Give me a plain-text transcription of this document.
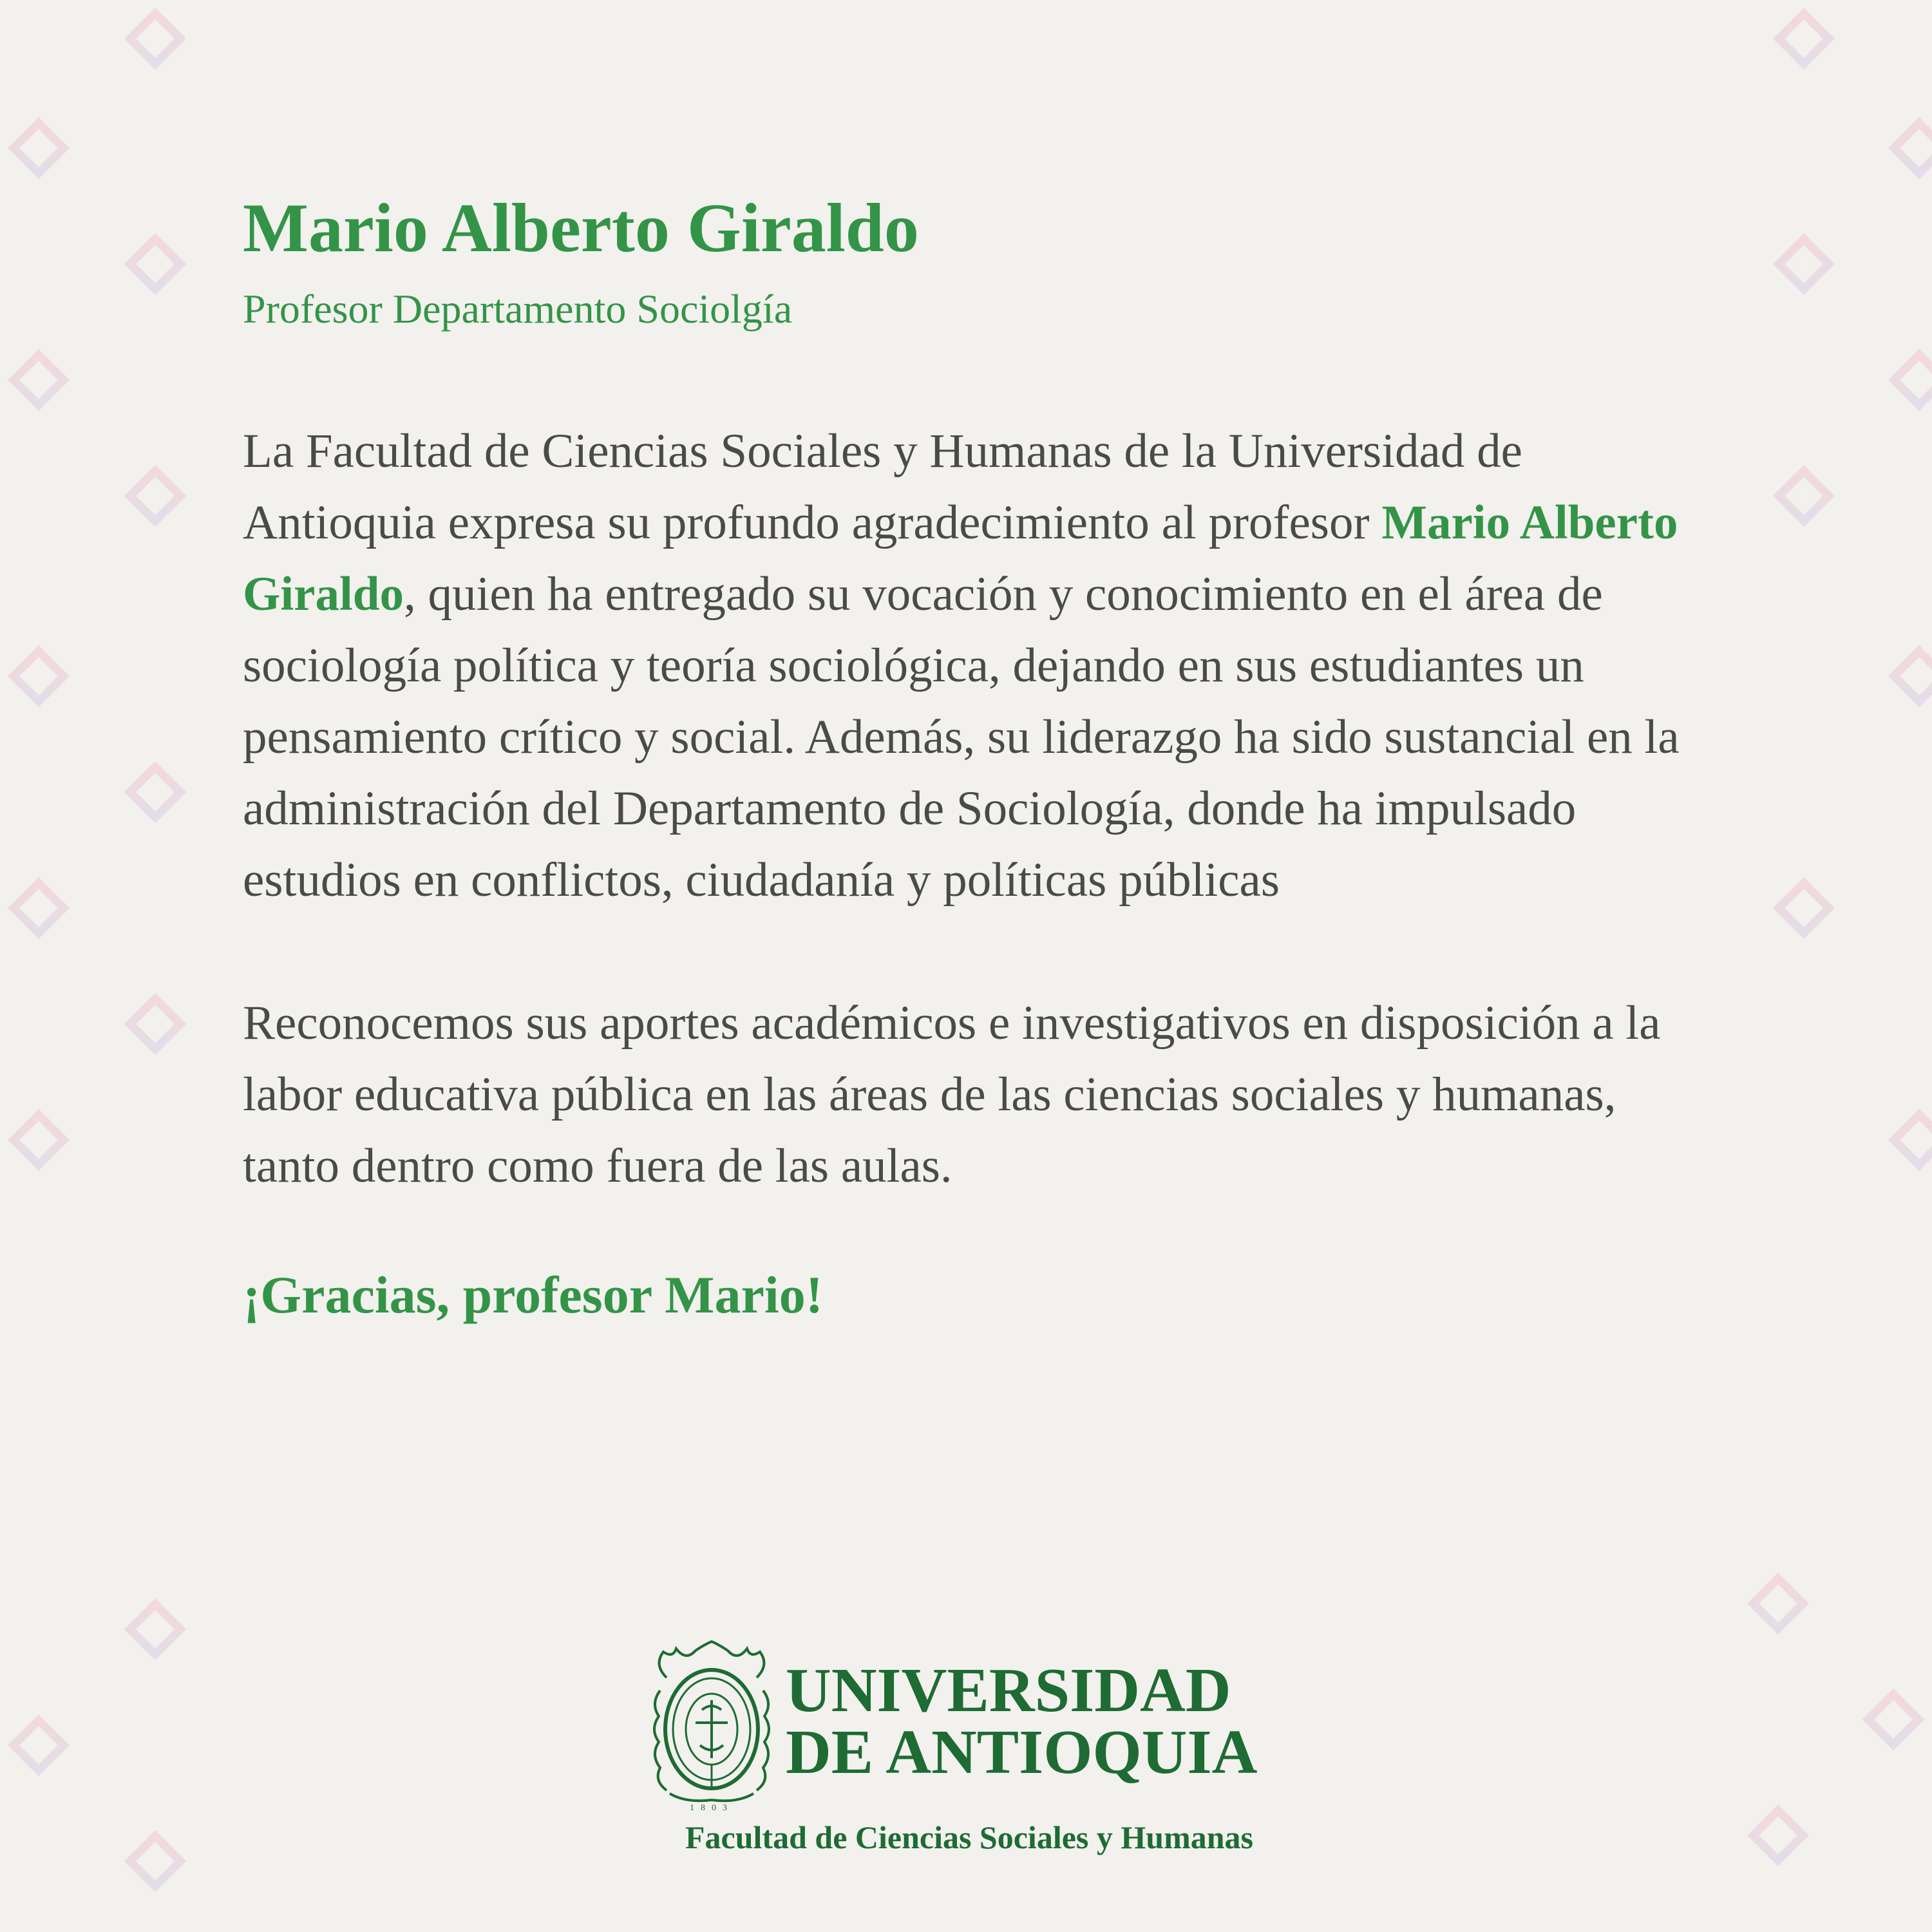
Mario Alberto Giraldo

Profesor Departamento Sociolgía

La Facultad de Ciencias Sociales y Humanas de la Universidad de Antioquia expresa su profundo agradecimiento al profesor Mario Alberto Giraldo, quien ha entregado su vocación y conocimiento en el área de sociología política y teoría sociológica, dejando en sus estudiantes un pensamiento crítico y social. Además, su liderazgo ha sido sustancial en la administración del Departamento de Sociología, donde ha impulsado estudios en conflictos, ciudadanía y políticas públicas

Reconocemos sus aportes académicos e investigativos en disposición a la labor educativa pública en las áreas de las ciencias sociales y humanas, tanto dentro como fuera de las aulas.

¡Gracias, profesor Mario!

1803
UNIVERSIDAD
DE ANTIOQUIA
Facultad de Ciencias Sociales y Humanas
